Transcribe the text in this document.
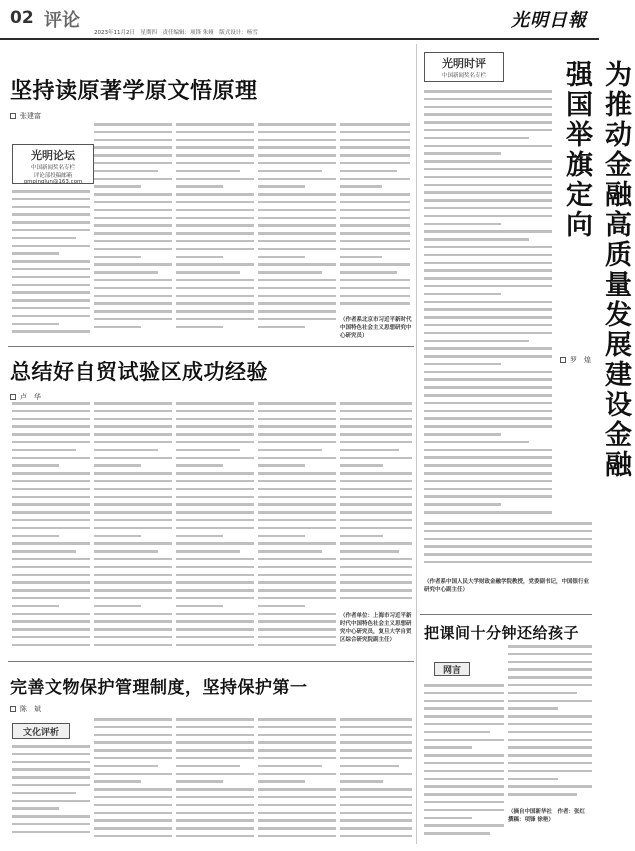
02 评论
2023年11月2日　星期四　责任编辑：项锋 朱娅　版式设计：杨雪
光明日報
坚持读原著学原文悟原理
张建富
光明论坛
中国新闻奖名专栏
评论部投稿邮箱
gmpinglun@163.com
（作者系北京市习近平新时代中国特色社会主义思想研究中心研究员）
总结好自贸试验区成功经验
卢　华
（作者单位：上海市习近平新时代中国特色社会主义思想研究中心研究员，复旦大学自贸区综合研究院副主任）
完善文物保护管理制度，坚持保护第一
陈　斌
文化评析
光明时评
中国新闻奖名专栏	为推动金融高质量发展建设金融强国举旗定向
罗　煌
（作者系中国人民大学财政金融学院教授，党委副书记，中国银行业研究中心副主任）
把课间十分钟还给孩子
网言
（摘自中国新华社　作者：张红　撰稿：项锋 徐艳）
